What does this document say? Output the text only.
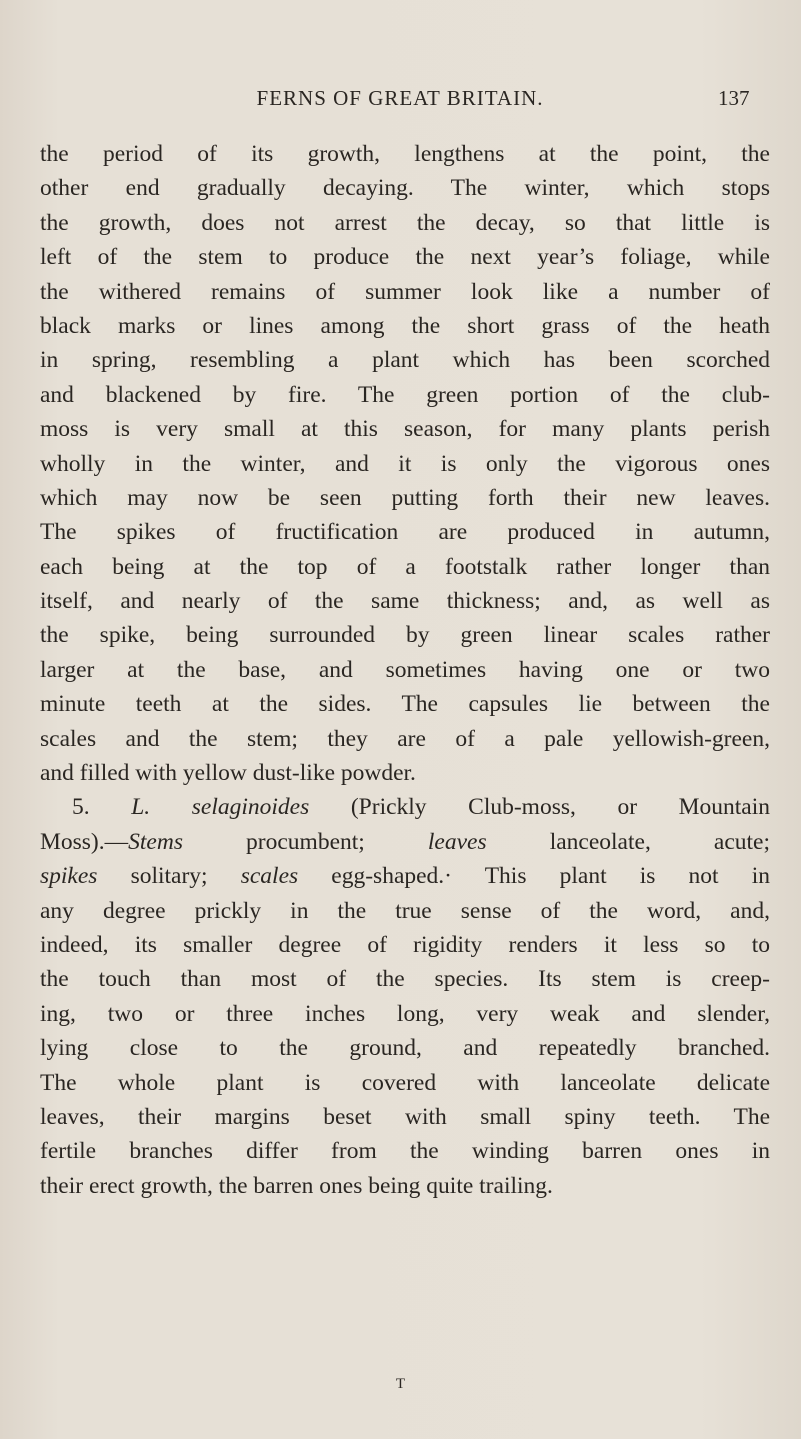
FERNS OF GREAT BRITAIN.	137
the period of its growth, lengthens at the point, the
other end gradually decaying. The winter, which stops
the growth, does not arrest the decay, so that little is
left of the stem to produce the next year’s foliage, while
the withered remains of summer look like a number of
black marks or lines among the short grass of the heath
in spring, resembling a plant which has been scorched
and blackened by fire. The green portion of the club-
moss is very small at this season, for many plants perish
wholly in the winter, and it is only the vigorous ones
which may now be seen putting forth their new leaves.
The spikes of fructification are produced in autumn,
each being at the top of a footstalk rather longer than
itself, and nearly of the same thickness; and, as well as
the spike, being surrounded by green linear scales rather
larger at the base, and sometimes having one or two
minute teeth at the sides. The capsules lie between the
scales and the stem; they are of a pale yellowish-green,
and filled with yellow dust-like powder.
5. L. selaginoides (Prickly Club-moss, or Mountain
Moss).—Stems procumbent; leaves lanceolate, acute;
spikes solitary; scales egg-shaped.· This plant is not in
any degree prickly in the true sense of the word, and,
indeed, its smaller degree of rigidity renders it less so to
the touch than most of the species. Its stem is creep-
ing, two or three inches long, very weak and slender,
lying close to the ground, and repeatedly branched.
The whole plant is covered with lanceolate delicate
leaves, their margins beset with small spiny teeth. The
fertile branches differ from the winding barren ones in
their erect growth, the barren ones being quite trailing.
T
